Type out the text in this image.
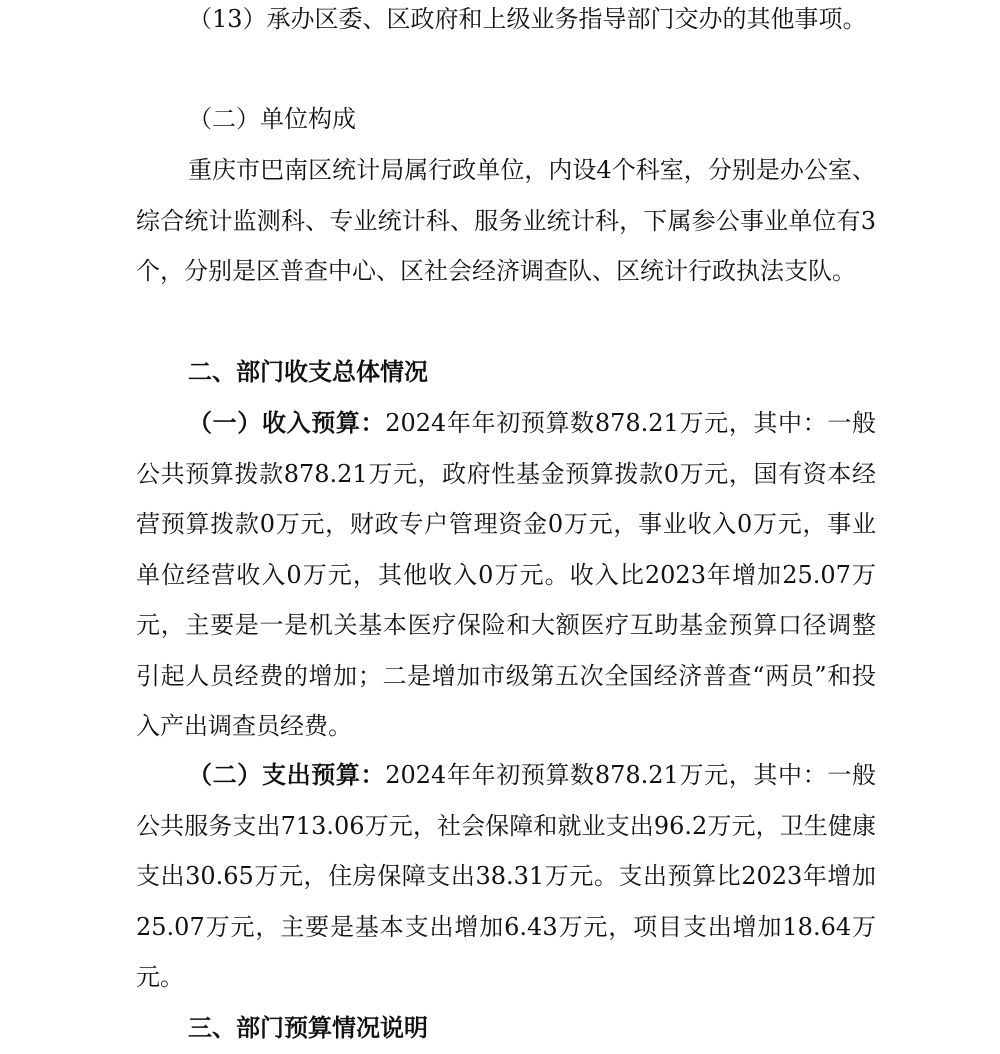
（13）承办区委、区政府和上级业务指导部门交办的其他事项。

（二）单位构成

重庆市巴南区统计局属行政单位，内设4个科室，分别是办公室、综合统计监测科、专业统计科、服务业统计科，下属参公事业单位有3个，分别是区普查中心、区社会经济调查队、区统计行政执法支队。

二、部门收支总体情况

（一）收入预算：2024年年初预算数878.21万元，其中：一般公共预算拨款878.21万元，政府性基金预算拨款0万元，国有资本经营预算拨款0万元，财政专户管理资金0万元，事业收入0万元，事业单位经营收入0万元，其他收入0万元。收入比2023年增加25.07万元，主要是一是机关基本医疗保险和大额医疗互助基金预算口径调整引起人员经费的增加；二是增加市级第五次全国经济普查“两员”和投入产出调查员经费。

（二）支出预算：2024年年初预算数878.21万元，其中：一般公共服务支出713.06万元，社会保障和就业支出96.2万元，卫生健康支出30.65万元，住房保障支出38.31万元。支出预算比2023年增加25.07万元，主要是基本支出增加6.43万元，项目支出增加18.64万元。

三、部门预算情况说明
